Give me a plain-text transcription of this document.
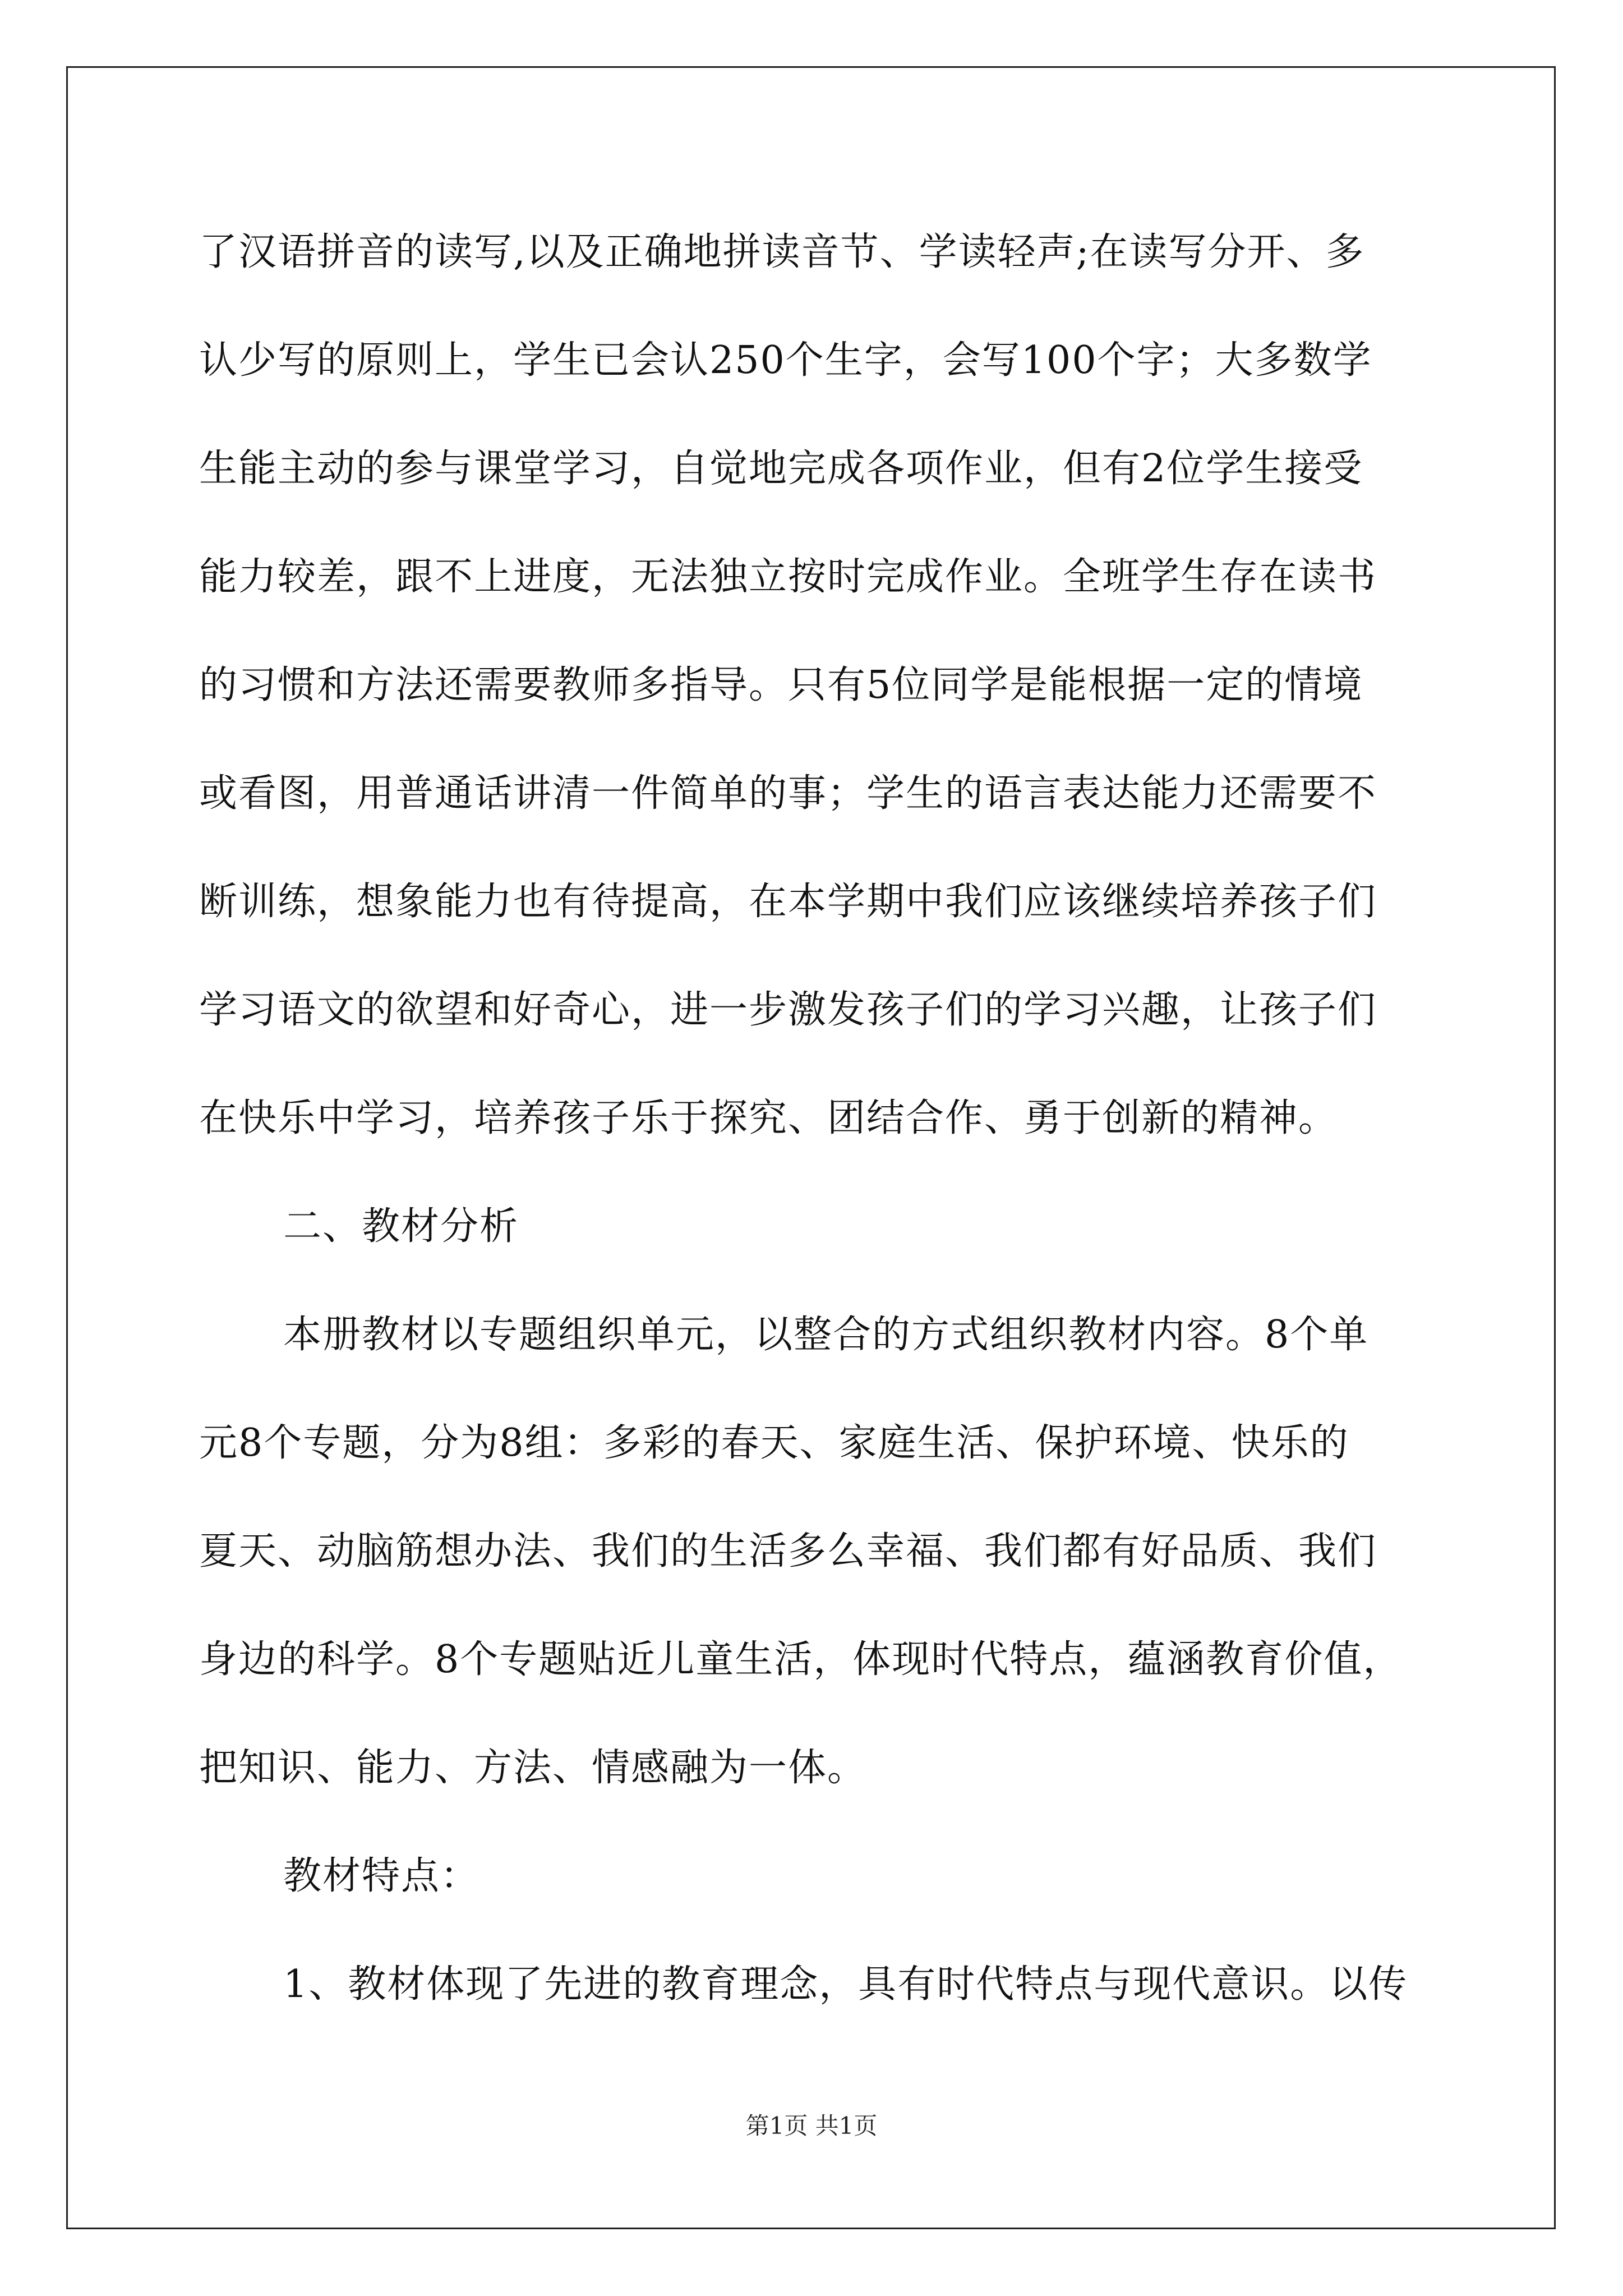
了汉语拼音的读写,以及正确地拼读音节、学读轻声;在读写分开、多
认少写的原则上，学生已会认250个生字，会写100个字；大多数学
生能主动的参与课堂学习，自觉地完成各项作业，但有2位学生接受
能力较差，跟不上进度，无法独立按时完成作业。全班学生存在读书
的习惯和方法还需要教师多指导。只有5位同学是能根据一定的情境
或看图，用普通话讲清一件简单的事；学生的语言表达能力还需要不
断训练，想象能力也有待提高，在本学期中我们应该继续培养孩子们
学习语文的欲望和好奇心，进一步激发孩子们的学习兴趣，让孩子们
在快乐中学习，培养孩子乐于探究、团结合作、勇于创新的精神。
二、教材分析
本册教材以专题组织单元，以整合的方式组织教材内容。8个单
元8个专题，分为8组：多彩的春天、家庭生活、保护环境、快乐的
夏天、动脑筋想办法、我们的生活多么幸福、我们都有好品质、我们
身边的科学。8个专题贴近儿童生活，体现时代特点，蕴涵教育价值，
把知识、能力、方法、情感融为一体。
教材特点：
1、教材体现了先进的教育理念，具有时代特点与现代意识。以传
第1页 共1页
